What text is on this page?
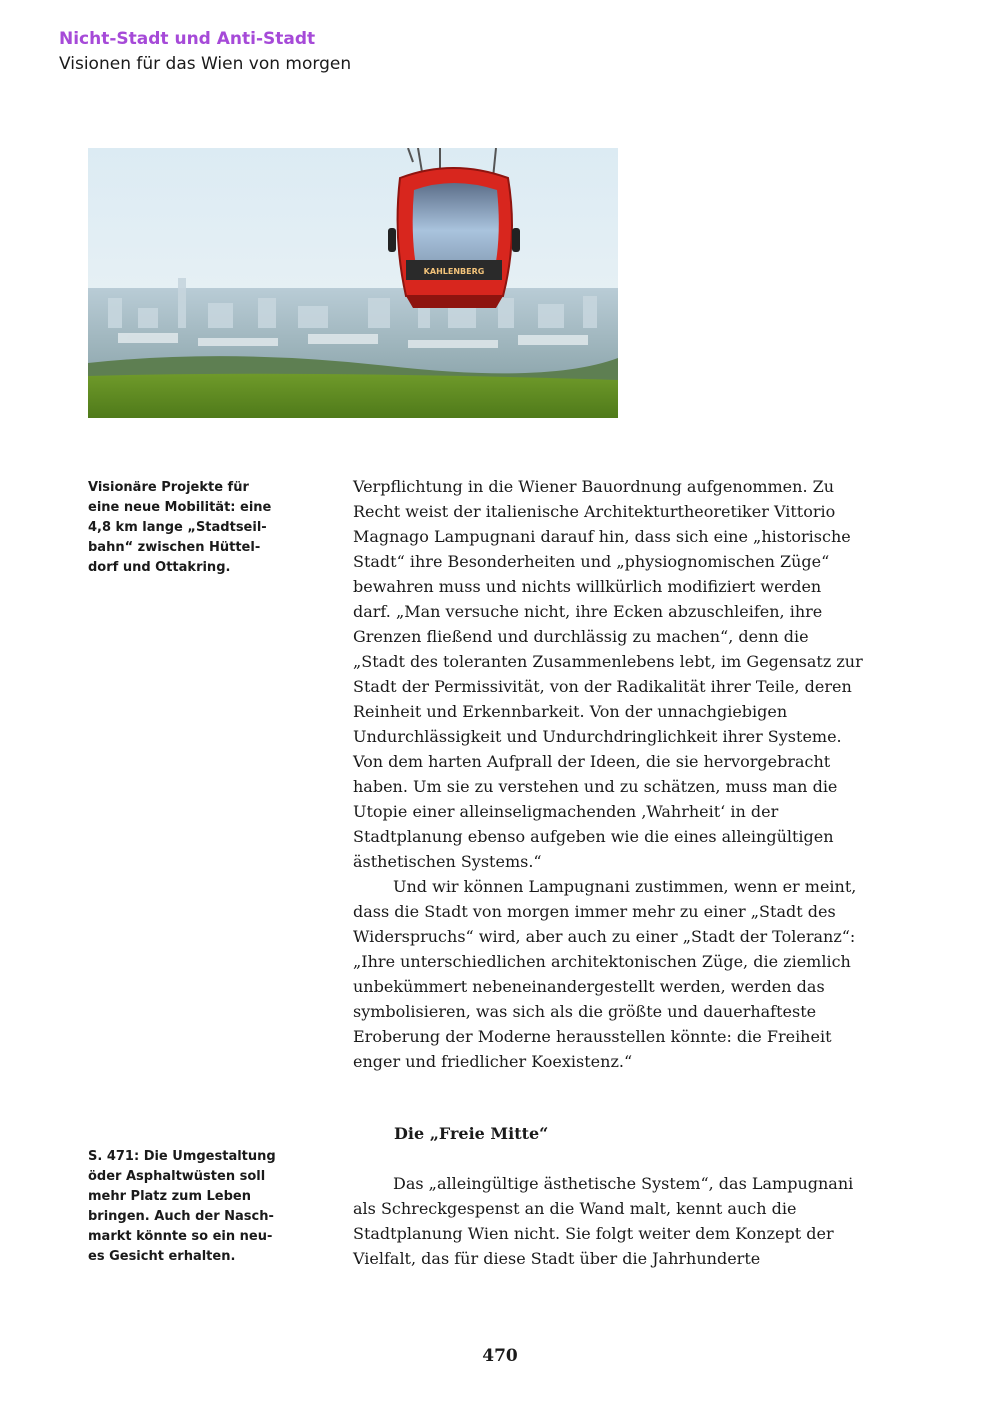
Nicht-Stadt und Anti-Stadt
Visionen für das Wien von morgen
KAHLENBERG
Visionäre Projekte für eine neue Mobilität: eine 4,8 km lange „Stadtseilbahn“ zwischen Hütteldorf und Ottakring.

Verpflichtung in die Wiener Bauordnung aufgenommen. Zu Recht weist der italienische Architekturtheoretiker Vittorio Magnago Lampugnani darauf hin, dass sich eine „historische Stadt“ ihre Besonderheiten und „physiognomischen Züge“ bewahren muss und nichts willkürlich modifiziert werden darf. „Man versuche nicht, ihre Ecken abzuschleifen, ihre Grenzen fließend und durchlässig zu machen“, denn die „Stadt des toleranten Zusammenlebens lebt, im Gegensatz zur Stadt der Permissivität, von der Radikalität ihrer Teile, deren Reinheit und Erkennbarkeit. Von der unnachgiebigen Undurchlässigkeit und Undurchdringlichkeit ihrer Systeme. Von dem harten Aufprall der Ideen, die sie hervorgebracht haben. Um sie zu verstehen und zu schätzen, muss man die Utopie einer alleinseligmachenden ‚Wahrheit‘ in der Stadtplanung ebenso aufgeben wie die eines alleingültigen ästhetischen Systems.“

Und wir können Lampugnani zustimmen, wenn er meint, dass die Stadt von morgen immer mehr zu einer „Stadt des Widerspruchs“ wird, aber auch zu einer „Stadt der Toleranz“: „Ihre unterschiedlichen architektonischen Züge, die ziemlich unbekümmert nebeneinandergestellt werden, werden das symbolisieren, was sich als die größte und dauerhafteste Eroberung der Moderne herausstellen könnte: die Freiheit enger und friedlicher Koexistenz.“

S. 471: Die Umgestaltung öder Asphaltwüsten soll mehr Platz zum Leben bringen. Auch der Naschmarkt könnte so ein neues Gesicht erhalten.
Die „Freie Mitte“

Das „alleingültige ästhetische System“, das Lampugnani als Schreckgespenst an die Wand malt, kennt auch die Stadtplanung Wien nicht. Sie folgt weiter dem Konzept der Vielfalt, das für diese Stadt über die Jahrhunderte

470
